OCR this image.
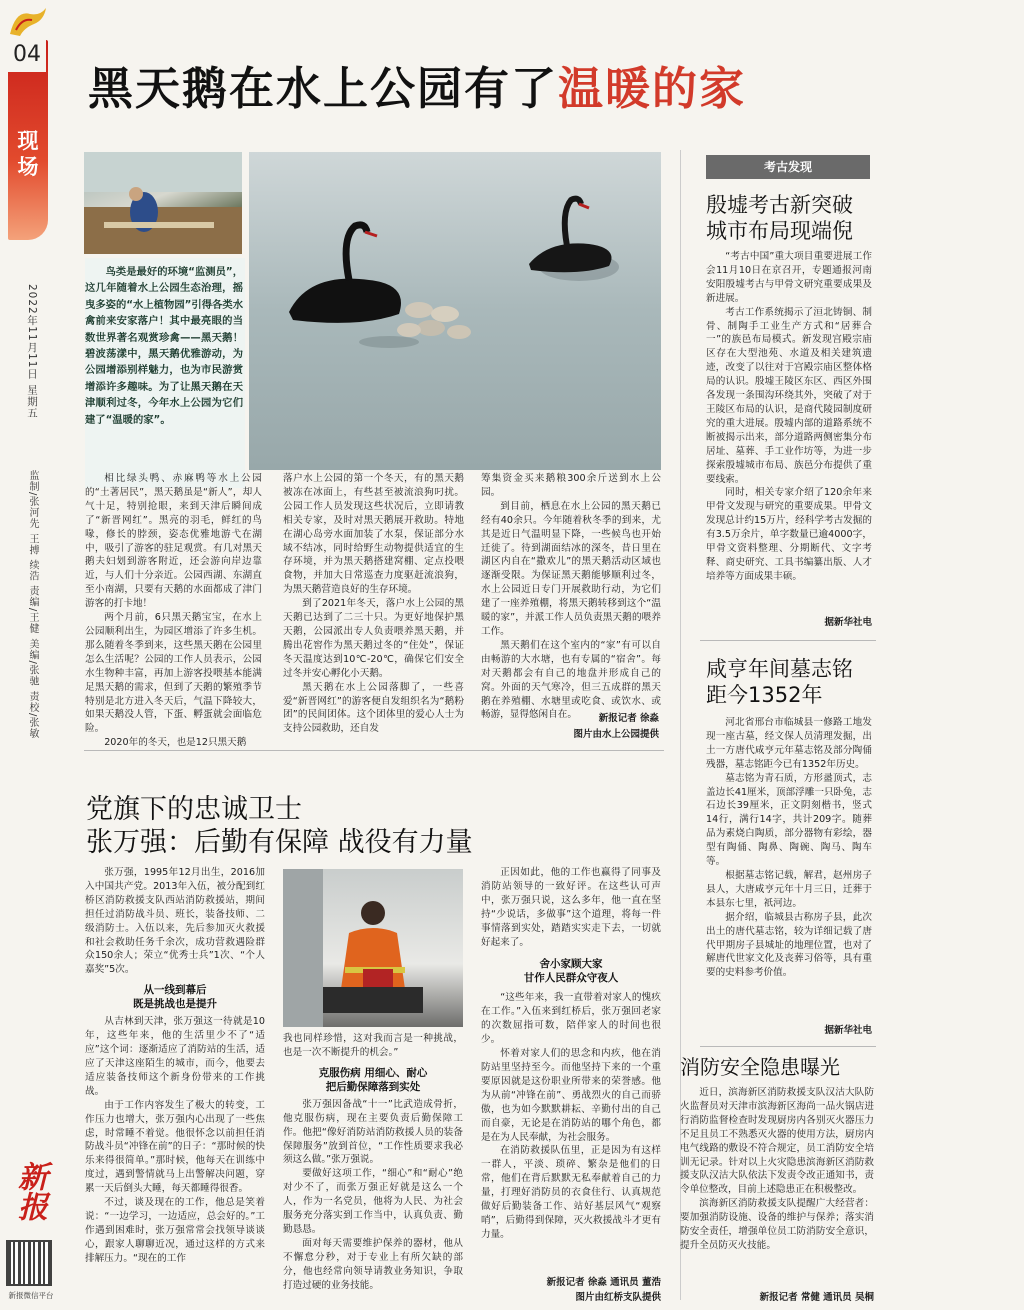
04
现场
2022年11月11日 星期五
监制/张河先 王搏 续浩 责编/王健 美编/张驰 责校/张敏
新报
新报微信平台
黑天鹅在水上公园有了温暖的家
鸟类是最好的环境“监测员”，这几年随着水上公园生态治理，摇曳多姿的“水上植物园”引得各类水禽前来安家落户！其中最亮眼的当数世界著名观赏珍禽——黑天鹅！碧波荡漾中，黑天鹅优雅游动，为公园增添别样魅力，也为市民游赏增添许多趣味。为了让黑天鹅在天津顺利过冬，今年水上公园为它们建了“温暖的家”。

相比绿头鸭、赤麻鸭等水上公园的“土著居民”，黑天鹅虽是“新人”，却人气十足，特别抢眼，来到天津后瞬间成了“新晋网红”。黑亮的羽毛，鲜红的鸟喙，修长的脖颈，姿态优雅地游弋在湖中，吸引了游客的驻足观赏。有几对黑天鹅夫妇划到游客附近，还会游向岸边靠近，与人们十分亲近。公园西湖、东湖直至小南湖，只要有天鹅的水面都成了津门游客的打卡地！

两个月前，6只黑天鹅宝宝，在水上公园顺利出生，为园区增添了许多生机。那么随着冬季到来，这些黑天鹅在公园里怎么生活呢？公园的工作人员表示，公园水生物种丰富，再加上游客投喂基本能满足黑天鹅的需求，但到了天鹅的繁殖季节特别是北方进入冬天后，气温下降较大，如果天鹅没人管，下蛋、孵蛋就会面临危险。

2020年的冬天，也是12只黑天鹅

落户水上公园的第一个冬天，有的黑天鹅被冻在冰面上，有些甚至被流浪狗叼扰。公园工作人员发现这些状况后，立即请教相关专家，及时对黑天鹅展开救助。特地在湖心岛旁水面加装了水泵，保证部分水域不结冰，同时给野生动物提供适宜的生存环境，并为黑天鹅搭建窝棚、定点投喂食物，并加大日常巡查力度驱赶流浪狗，为黑天鹅营造良好的生存环境。

到了2021年冬天，落户水上公园的黑天鹅已达到了二三十只。为更好地保护黑天鹅，公园派出专人负责喂养黑天鹅，并腾出花窖作为黑天鹅过冬的“住处”，保证冬天温度达到10℃-20℃，确保它们安全过冬并安心孵化小天鹅。

黑天鹅在水上公园落脚了，一些喜爱“新晋网红”的游客便自发组织名为“鹅粉团”的民间团体。这个团体里的爱心人士为支持公园救助，还自发

筹集资金买来鹅粮300余斤送到水上公园。

到目前，栖息在水上公园的黑天鹅已经有40余只。今年随着秋冬季的到来，尤其是近日气温明显下降，一些候鸟也开始迁徙了。待到湖面结冰的深冬，昔日里在湖区内自在“撒欢儿”的黑天鹅活动区域也逐渐受限。为保证黑天鹅能够顺利过冬，水上公园近日专门开展救助行动，为它们建了一座养殖棚，将黑天鹅转移到这个“温暖的家”，并派工作人员负责黑天鹅的喂养工作。

黑天鹅们在这个室内的“家”有可以自由畅游的大水塘，也有专属的“宿舍”。每对天鹅都会有自己的地盘并形成自己的窝。外面的天气寒冷，但三五成群的黑天鹅在养殖棚、水塘里或吃食、或饮水、或畅游，显得悠闲自在。	新报记者 徐淼
图片由水上公园提供
党旗下的忠诚卫士
张万强：后勤有保障 战役有力量

张万强，1995年12月出生，2016加入中国共产党。2013年入伍，被分配到红桥区消防救援支队西站消防救援站，期间担任过消防战斗员、班长，装备技师、二级消防士。入伍以来，先后参加灭火救援和社会救助任务千余次，成功营救遇险群众150余人；荣立“优秀士兵”1次、“个人嘉奖”5次。

从一线到幕后
既是挑战也是提升

从吉林到天津，张万强这一待就是10年，这些年来，他的生活里少不了“适应”这个词：逐渐适应了消防站的生活，适应了天津这座陌生的城市，而今，他要去适应装备技师这个新身份带来的工作挑战。

由于工作内容发生了极大的转变，工作压力也增大，张万强内心出现了一些焦虑，时常睡不着觉。他很怀念以前担任消防战斗员“冲锋在前”的日子：“那时候的快乐来得很简单。”那时候，他每天在训练中度过，遇到警情就马上出警解决问题，穿累一天后倒头大睡，每天都睡得很香。

不过，谈及现在的工作，他总是笑着说：“一边学习，一边适应，总会好的。”工作遇到困难时，张万强常常会找领导谈谈心，跟家人聊聊近况，通过这样的方式来排解压力。“现在的工作

我也同样珍惜，这对我而言是一种挑战，也是一次不断提升的机会。”

克服伤病 用细心、耐心
把后勤保障落到实处

张万强因备战“十一”比武造成骨折，他克服伤病，现在主要负责后勤保障工作。他把“像好消防站消防救援人员的装备保障服务”放到首位，“工作性质要求我必须这么做。”张万强说。

要做好这项工作，“细心”和“耐心”绝对少不了，而张万强正好就是这么一个人，作为一名党员，他将为人民、为社会服务充分落实到工作当中，认真负责、勤勤恳恳。

面对每天需要维护保养的器材，他从不懈怠分秒，对于专业上有所欠缺的部分，他也经常向领导请教业务知识，争取打造过硬的业务技能。

正因如此，他的工作也赢得了同事及消防站领导的一致好评。在这些认可声中，张万强只说，这么多年，他一直在坚持“少说话，多做事”这个道理，将每一件事情落到实处，踏踏实实走下去，一切就好起来了。

舍小家顾大家
甘作人民群众守夜人

“这些年来，我一直带着对家人的愧疚在工作。”入伍来到红桥后，张万强回老家的次数屈指可数，陪伴家人的时间也很少。

怀着对家人们的思念和内疚，他在消防站里坚持至今。而他坚持下来的一个重要原因就是这份职业所带来的荣誉感。他为从前“冲锋在前”、勇战烈火的自己而骄傲，也为如今默默耕耘、辛勤付出的自己而自豪，无论是在消防站的哪个角色，都是在为人民奉献，为社会服务。

在消防救援队伍里，正是因为有这样一群人，平淡、琐碎、繁杂是他们的日常，他们在背后默默无私奉献着自己的力量，打理好消防员的衣食住行、认真规范做好后勤装备工作、站好基层风气“观察哨”，后勤得到保障，灭火救援战斗才更有力量。

新报记者 徐淼 通讯员 董浩
图片由红桥支队提供
考古发现
殷墟考古新突破
城市布局现端倪

“考古中国”重大项目重要进展工作会11月10日在京召开，专题通报河南安阳殷墟考古与甲骨文研究重要成果及新进展。

考古工作系统揭示了洹北铸铜、制骨、制陶手工业生产方式和“居葬合一”的族邑布局模式。新发现宫殿宗庙区存在大型池苑、水道及相关建筑遗迹，改变了以往对于宫殿宗庙区整体格局的认识。殷墟王陵区东区、西区外围各发现一条围沟环绕其外，突破了对于王陵区布局的认识，是商代陵园制度研究的重大进展。殷墟内部的道路系统不断被揭示出来，部分道路两侧密集分布居址、墓葬、手工业作坊等，为进一步探索殷墟城市布局、族邑分布提供了重要线索。

同时，相关专家介绍了120余年来甲骨文发现与研究的重要成果。甲骨文发现总计约15万片，经科学考古发掘的有3.5万余片，单字数量已逾4000字，甲骨文资料整理、分期断代、文字考释、商史研究、工具书编纂出版、人才培养等方面成果丰硕。

据新华社电
咸亨年间墓志铭
距今1352年

河北省邢台市临城县一修路工地发现一座古墓，经文保人员清理发掘，出土一方唐代咸亨元年墓志铭及部分陶俑残器，墓志铭距今已有1352年历史。

墓志铭为青石质，方形盝顶式，志盖边长41厘米，顶部浮雕一只卧兔，志石边长39厘米，正文阴刻楷书，竖式14行，满行14字，共计209字。随葬品为素烧白陶质，部分器物有彩绘，器型有陶俑、陶鼻、陶碗、陶马、陶车等。

根据墓志铭记载，解君，赵州房子县人，大唐咸亨元年十月三日，迁葬于本县东七里，祇河边。

据介绍，临城县古称房子县，此次出土的唐代墓志铭，较为详细记载了唐代甲期房子县城址的地理位置，也对了解唐代世家文化及丧葬习俗等，具有重要的史料参考价值。

据新华社电
消防安全隐患曝光

近日，滨海新区消防救援支队汉沽大队防火监督员对天津市滨海新区海尚一品火锅店进行消防监督检查时发现厨房内各别灭火器压力不足且员工不熟悉灭火器的使用方法，厨房内电气线路的敷设不符合规定，员工消防安全培训无记录。针对以上火灾隐患滨海新区消防救援支队汉沽大队依法下发责令改正通知书，责令单位整改，目前上述隐患正在积极整改。

滨海新区消防救援支队提醒广大经营者：要加强消防设施、设备的维护与保养；落实消防安全责任，增强单位员工防消防安全意识，提升全员防灭火技能。

新报记者 常健 通讯员 吴桐
